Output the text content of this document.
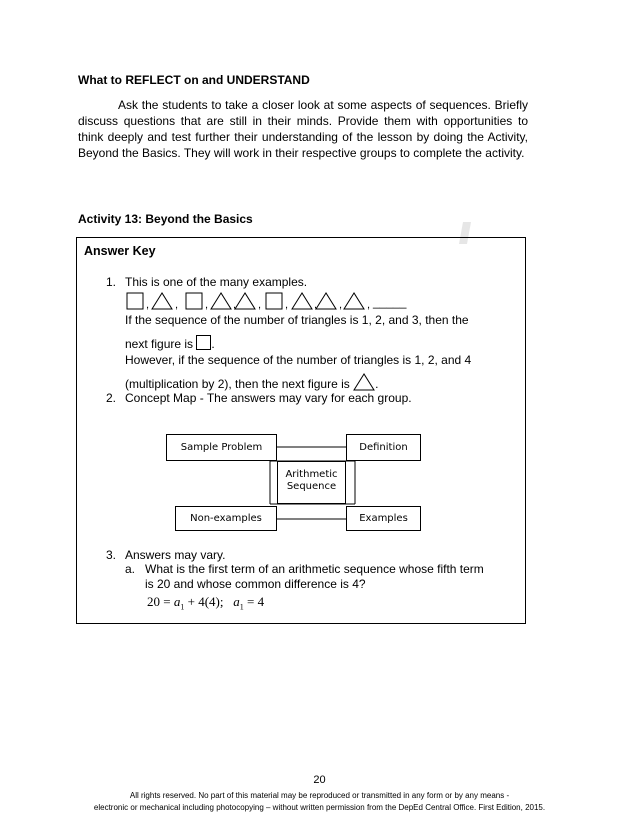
What to REFLECT on and UNDERSTAND

Ask the students to take a closer look at some aspects of sequences. Briefly discuss questions that are still in their minds. Provide them with opportunities to think deeply and test further their understanding of the lesson by doing the Activity, Beyond the Basics. They will work in their respective groups to complete the activity.

Activity 13: Beyond the Basics
Answer Key
1. This is one of the many examples.
, , , , , , , , , _____
If the sequence of the number of triangles is 1, 2, and 3, then the
next figure is .
However, if the sequence of the number of triangles is 1, 2, and 4
(multiplication by 2), then the next figure is .
2. Concept Map - The answers may vary for each group.
Sample Problem	Definition
Arithmetic
Sequence
Non-examples	Examples
3. Answers may vary.
a. What is the first term of an arithmetic sequence whose fifth term
is 20 and whose common difference is 4?
$20 = a_1 + 4(4)$; $a_1 = 4$
20
All rights reserved. No part of this material may be reproduced or transmitted in any form or by any means -
electronic or mechanical including photocopying – without written permission from the DepEd Central Office. First Edition, 2015.
